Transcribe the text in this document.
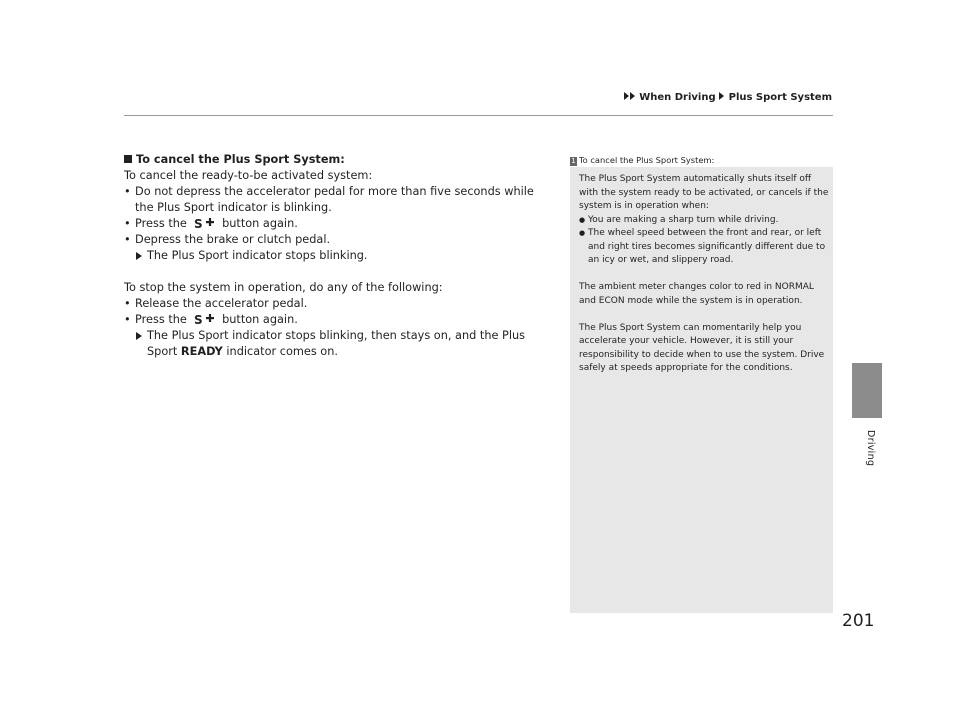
When Driving Plus Sport System
Driving
201
To cancel the Plus Sport System:
To cancel the ready-to-be activated system:
• Do not depress the accelerator pedal for more than five seconds while the Plus Sport indicator is blinking.
• Press the S button again.
• Depress the brake or clutch pedal.
The Plus Sport indicator stops blinking.
To stop the system in operation, do any of the following:
• Release the accelerator pedal.
• Press the S button again.
The Plus Sport indicator stops blinking, then stays on, and the Plus Sport READY indicator comes on.
1 To cancel the Plus Sport System:

The Plus Sport System automatically shuts itself off with the system ready to be activated, or cancels if the system is in operation when:

● You are making a sharp turn while driving.
● The wheel speed between the front and rear, or left and right tires becomes significantly different due to an icy or wet, and slippery road.

The ambient meter changes color to red in NORMAL and ECON mode while the system is in operation.

The Plus Sport System can momentarily help you accelerate your vehicle. However, it is still your responsibility to decide when to use the system. Drive safely at speeds appropriate for the conditions.
